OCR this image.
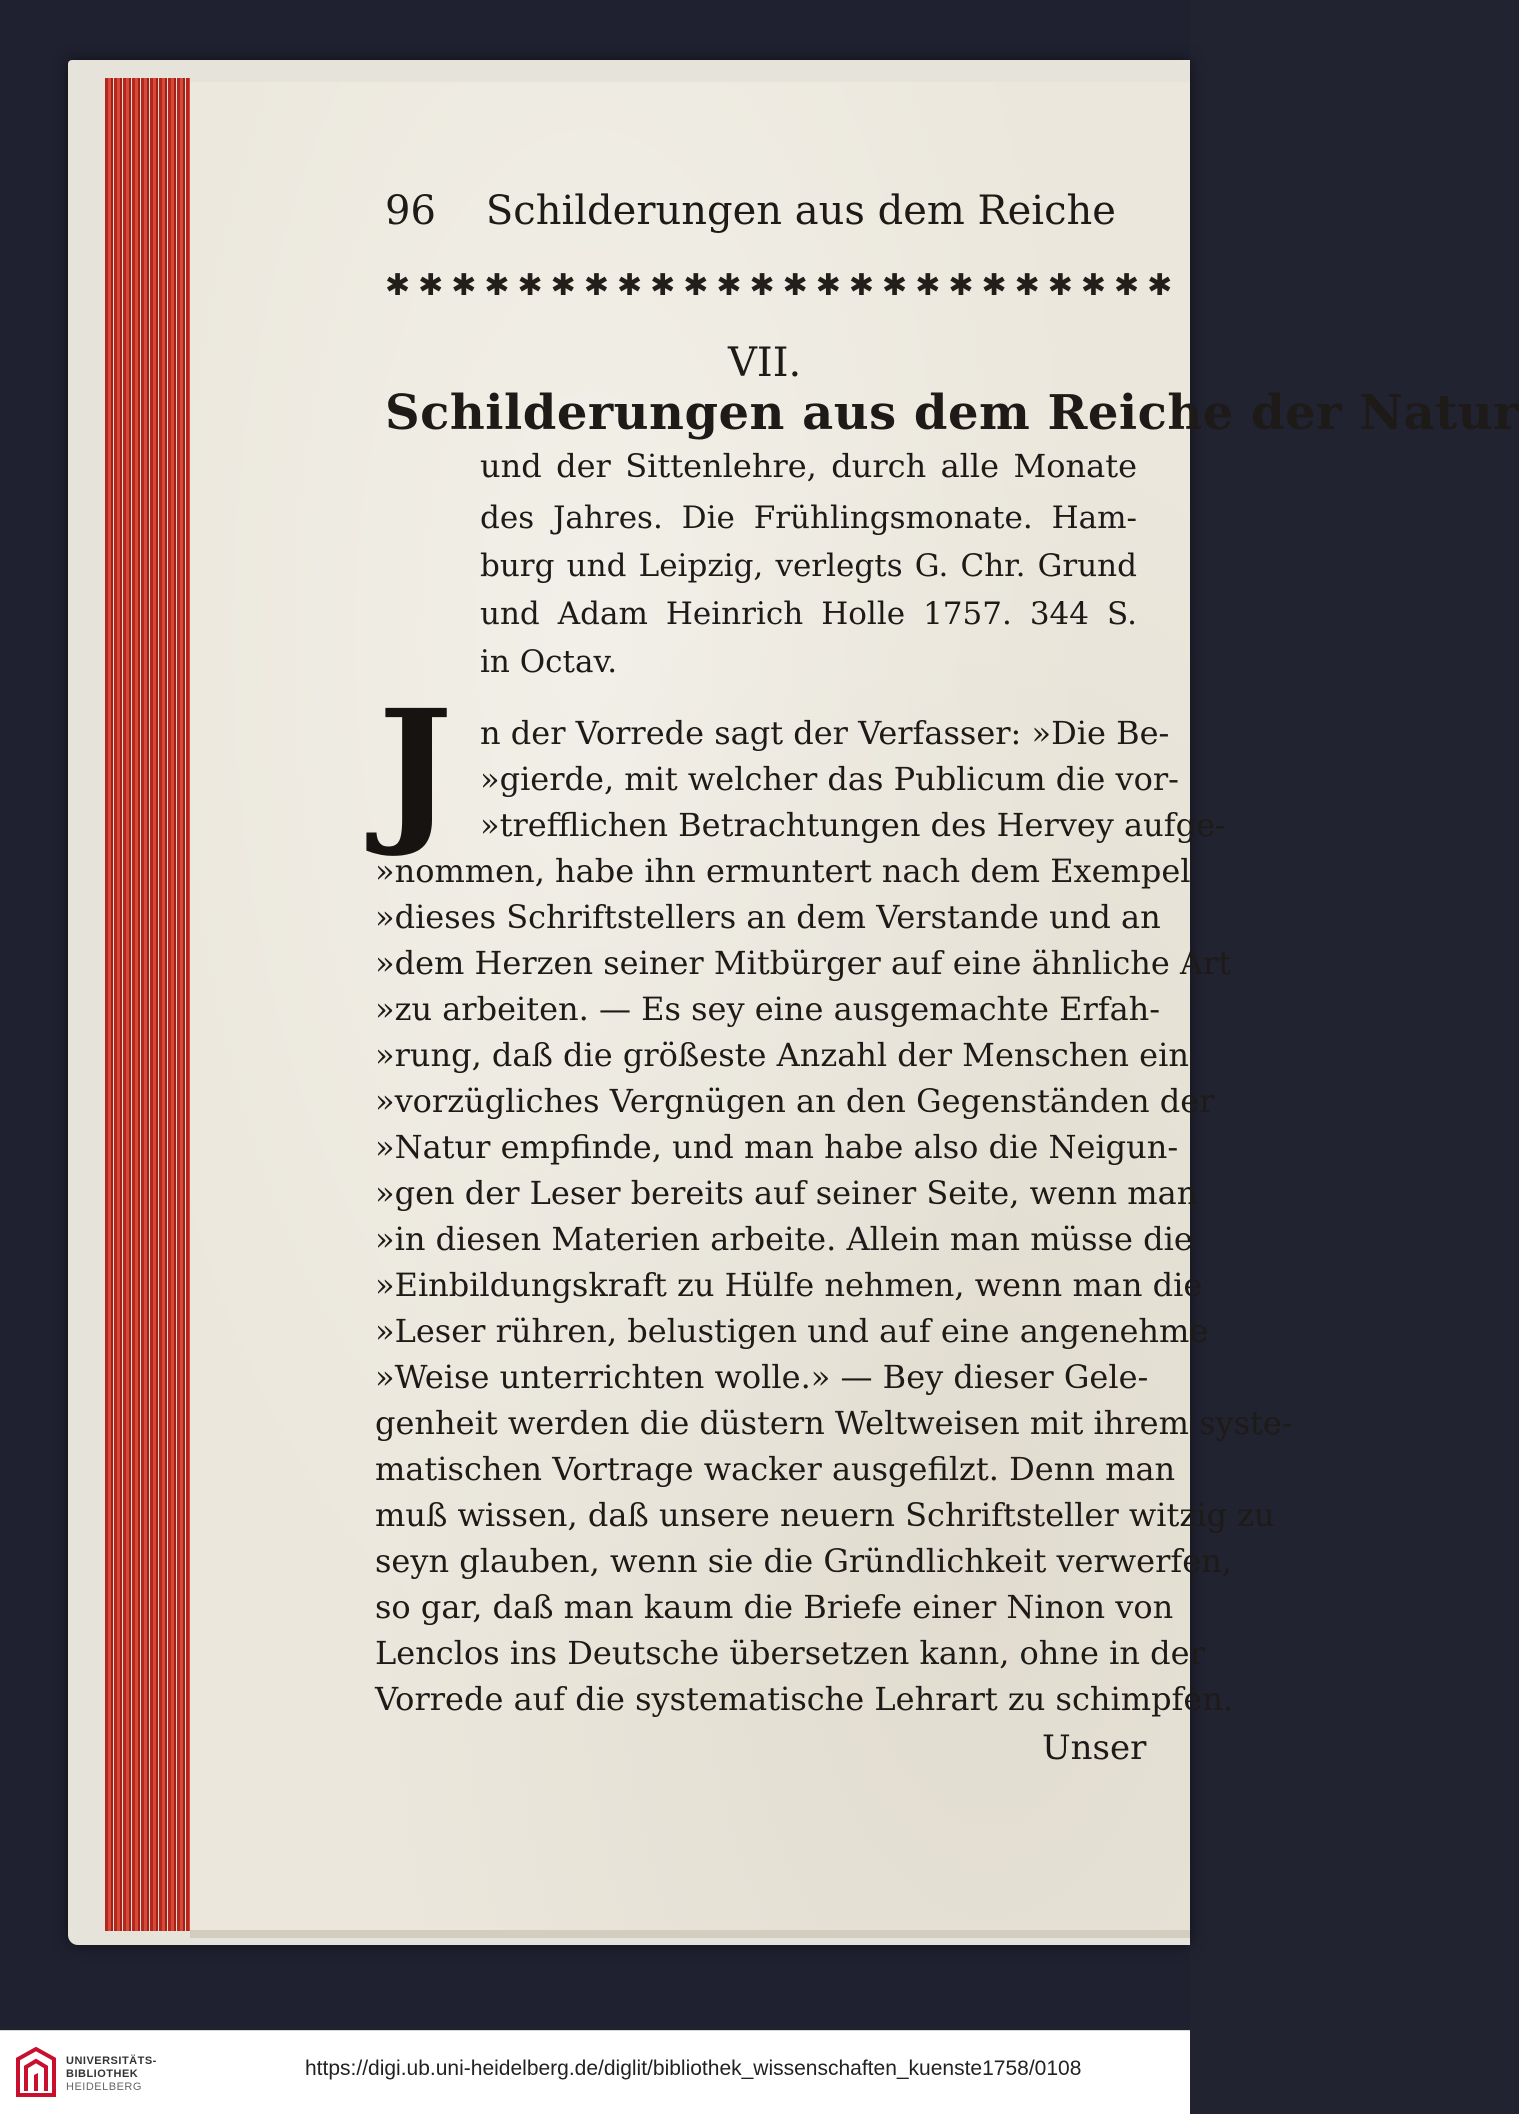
96 Schilderungen aus dem Reiche
✱✱✱✱✱✱✱✱✱✱✱✱✱✱✱✱✱✱✱✱✱✱✱✱
VII.
Schilderungen aus dem Reiche der Natur
und der Sittenlehre, durch alle Monate
des Jahres. Die Frühlingsmonate. Ham-
burg und Leipzig, verlegts G. Chr. Grund
und Adam Heinrich Holle 1757. 344 S.
in Octav.
J n der Vorrede sagt der Verfasser: »Die Be-
»gierde, mit welcher das Publicum die vor-
»trefflichen Betrachtungen des Hervey aufge-
»nommen, habe ihn ermuntert nach dem Exempel
»dieses Schriftstellers an dem Verstande und an
»dem Herzen seiner Mitbürger auf eine ähnliche Art
»zu arbeiten. — Es sey eine ausgemachte Erfah-
»rung, daß die größeste Anzahl der Menschen ein
»vorzügliches Vergnügen an den Gegenständen der
»Natur empfinde, und man habe also die Neigun-
»gen der Leser bereits auf seiner Seite, wenn man
»in diesen Materien arbeite. Allein man müsse die
»Einbildungskraft zu Hülfe nehmen, wenn man die
»Leser rühren, belustigen und auf eine angenehme
»Weise unterrichten wolle.» — Bey dieser Gele-
genheit werden die düstern Weltweisen mit ihrem syste-
matischen Vortrage wacker ausgefilzt. Denn man
muß wissen, daß unsere neuern Schriftsteller witzig zu
seyn glauben, wenn sie die Gründlichkeit verwerfen,
so gar, daß man kaum die Briefe einer Ninon von
Lenclos ins Deutsche übersetzen kann, ohne in der
Vorrede auf die systematische Lehrart zu schimpfen.
Unser
UNIVERSITÄTS-
BIBLIOTHEK
HEIDELBERG
https://digi.ub.uni-heidelberg.de/diglit/bibliothek_wissenschaften_kuenste1758/0108
